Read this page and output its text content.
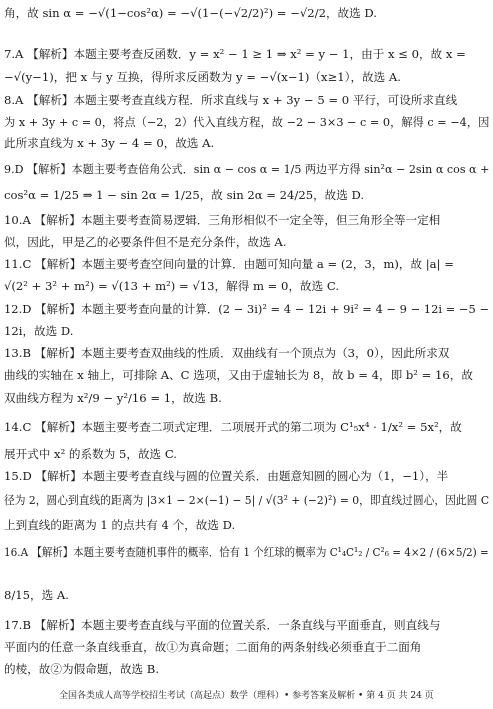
角，故 sin α = −√(1−cos²α) = −√(1−(−√2/2)²) = −√2/2，故选 D.
7.A 【解析】本题主要考查反函数．y = x² − 1 ≥ 1 ⇒ x² = y − 1，由于 x ≤ 0，故 x =
−√(y−1)，把 x 与 y 互换，得所求反函数为 y = −√(x−1)（x≥1），故选 A.
8.A 【解析】本题主要考查直线方程．所求直线与 x + 3y − 5 = 0 平行，可设所求直线
为 x + 3y + c = 0，将点（−2，2）代入直线方程，故 −2 − 3×3 − c = 0，解得 c = −4，因
此所求直线为 x + 3y − 4 = 0，故选 A.
9.D 【解析】本题主要考查倍角公式．sin α − cos α = 1/5 两边平方得 sin²α − 2sin α cos α +
cos²α = 1/25 ⇒ 1 − sin 2α = 1/25，故 sin 2α = 24/25，故选 D.
10.A 【解析】本题主要考查简易逻辑．三角形相似不一定全等，但三角形全等一定相
似，因此，甲是乙的必要条件但不是充分条件，故选 A.
11.C 【解析】本题主要考查空间向量的计算．由题可知向量 a = (2，3，m)，故 |a| =
√(2² + 3² + m²) = √(13 + m²) = √13，解得 m = 0，故选 C.
12.D 【解析】本题主要考查向量的计算．(2 − 3i)² = 4 − 12i + 9i² = 4 − 9 − 12i = −5 −
12i，故选 D.
13.B 【解析】本题主要考查双曲线的性质．双曲线有一个顶点为（3，0），因此所求双
曲线的实轴在 x 轴上，可排除 A、C 选项，又由于虚轴长为 8，故 b = 4，即 b² = 16，故
双曲线方程为 x²/9 − y²/16 = 1，故选 B.
14.C 【解析】本题主要考查二项式定理．二项展开式的第二项为 C¹₅x⁴ · 1/x² = 5x²，故
展开式中 x² 的系数为 5，故选 C.
15.D 【解析】本题主要考查直线与圆的位置关系．由题意知圆的圆心为（1，−1），半
径为 2，圆心到直线的距离为 |3×1 − 2×(−1) − 5| / √(3² + (−2)²) = 0，即直线过圆心，因此圆 C
上到直线的距离为 1 的点共有 4 个，故选 D.
16.A 【解析】本题主要考查随机事件的概率．恰有 1 个红球的概率为 C¹₄C¹₂ / C²₆ = 4×2 / (6×5/2) =
8/15，选 A.
17.B 【解析】本题主要考查直线与平面的位置关系．一条直线与平面垂直，则直线与
平面内的任意一条直线垂直，故①为真命题；二面角的两条射线必须垂直于二面角
的棱，故②为假命题，故选 B.
全国各类成人高等学校招生考试（高起点）数学（理科）• 参考答案及解析 • 第 4 页 共 24 页
